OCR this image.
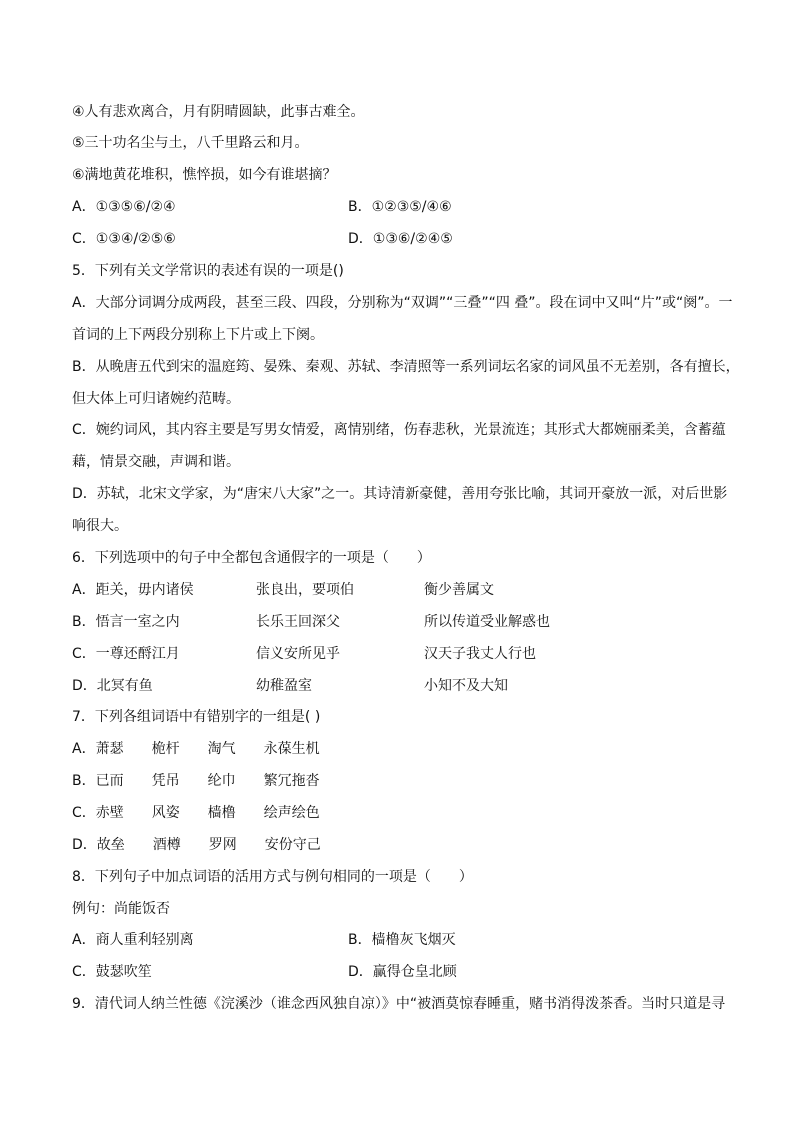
④人有悲欢离合，月有阴晴圆缺，此事古难全。
⑤三十功名尘与土，八千里路云和月。
⑥满地黄花堆积，憔悴损，如今有谁堪摘？
A．①③⑤⑥/②④	B．①②③⑤/④⑥
C．①③④/②⑤⑥	D．①③⑥/②④⑤
5．下列有关文学常识的表述有误的一项是()
A．大部分词调分成两段，甚至三段、四段，分别称为“双调”“三叠”“四 叠”。段在词中又叫“片”或“阕”。一
首词的上下两段分别称上下片或上下阕。
B．从晚唐五代到宋的温庭筠、晏殊、秦观、苏轼、李清照等一系列词坛名家的词风虽不无差别，各有擅长，
但大体上可归诸婉约范畴。
C．婉约词风，其内容主要是写男女情爱，离情别绪，伤春悲秋，光景流连；其形式大都婉丽柔美，含蓄蕴
藉，情景交融，声调和谐。
D．苏轼，北宋文学家，为“唐宋八大家”之一。其诗清新豪健，善用夸张比喻，其词开豪放一派，对后世影
响很大。
6．下列选项中的句子中全都包含通假字的一项是（　　）
A．距关，毋内诸侯	张良出，要项伯	衡少善属文
B．悟言一室之内	长乐王回深父	所以传道受业解惑也
C．一尊还酹江月	信义安所见乎	汉天子我丈人行也
D．北冥有鱼	幼稚盈室	小知不及大知
7．下列各组词语中有错别字的一组是( )
A．萧瑟　　桅杆　　淘气　　永葆生机
B．已而　　凭吊　　纶巾　　繁冗拖沓
C．赤壁　　风姿　　樯橹　　绘声绘色
D．故垒　　酒樽　　罗网　　安份守己
8．下列句子中加点词语的活用方式与例句相同的一项是（　　）
例句：尚能饭否
A．商人重利轻别离	B．樯橹灰飞烟灭
C．鼓瑟吹笙	D．赢得仓皇北顾
9．清代词人纳兰性德《浣溪沙（谁念西风独自凉）》中“被酒莫惊春睡重，赌书消得泼茶香。当时只道是寻
